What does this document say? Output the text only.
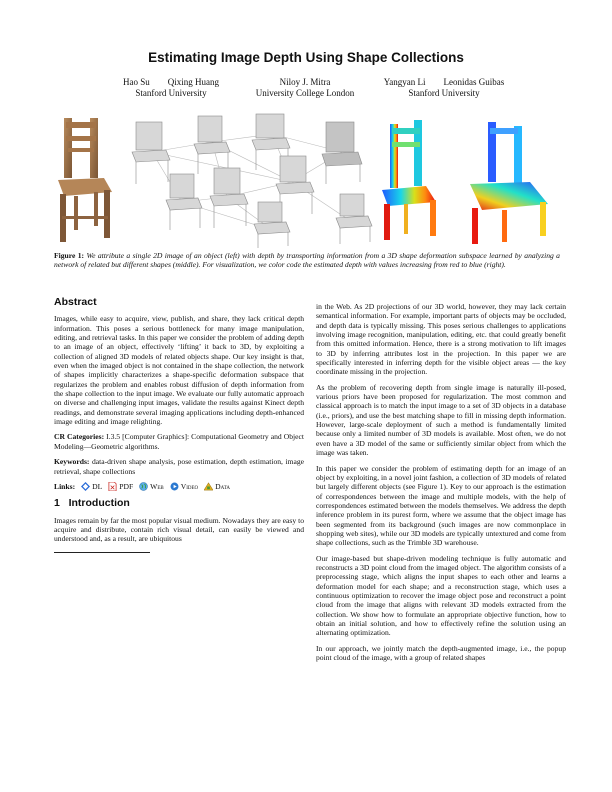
Estimating Image Depth Using Shape Collections
Hao Su        Qixing Huang
Stanford University
Niloy J. Mitra
University College London
Yangyan Li        Leonidas Guibas
Stanford University
Figure 1: We attribute a single 2D image of an object (left) with depth by transporting information from a 3D shape deformation subspace learned by analyzing a network of related but different shapes (middle). For visualization, we color code the estimated depth with values increasing from red to blue (right).
Abstract

Images, while easy to acquire, view, publish, and share, they lack critical depth information. This poses a serious bottleneck for many image manipulation, editing, and retrieval tasks. In this paper we consider the problem of adding depth to an image of an object, effectively ‘lifting’ it back to 3D, by exploiting a collection of aligned 3D models of related objects shape. Our key insight is that, even when the imaged object is not contained in the shape collection, the network of shapes implicitly characterizes a shape-specific deformation subspace that regularizes the problem and enables robust diffusion of depth information from the shape collection to the input image. We evaluate our fully automatic approach on diverse and challenging input images, validate the results against Kinect depth readings, and demonstrate several imaging applications including depth-enhanced image editing and image relighting.

CR Categories: I.3.5 [Computer Graphics]: Computational Geometry and Object Modeling—Geometric algorithms.

Keywords: data-driven shape analysis, pose estimation, depth estimation, image retrieval, shape collections

Links: DL PDF Web Video Data
1   Introduction

Images remain by far the most popular visual medium. Nowadays they are easy to acquire and distribute, contain rich visual detail, can easily be viewed and understood and, as a result, are ubiquitous

in the Web. As 2D projections of our 3D world, however, they may lack certain semantical information. For example, important parts of objects may be occluded, and depth data is typically missing. This poses serious challenges to applications involving image recognition, manipulation, editing, etc. that could greatly benefit from this omitted information. Hence, there is a strong motivation to lift images to 3D by inferring attributes lost in the projection. In this paper we are specifically interested in inferring depth for the visible object areas — the key coordinate missing in the projection.

As the problem of recovering depth from single image is naturally ill-posed, various priors have been proposed for regularization. The most common and classical approach is to match the input image to a set of 3D objects in a database (i.e., priors), and use the best matching shape to fill in missing depth information. However, large-scale deployment of such a method is fundamentally limited because only a limited number of 3D models is available. Most often, we do not even have a 3D model of the same or sufficiently similar object from which the image was taken.

In this paper we consider the problem of estimating depth for an image of an object by exploiting, in a novel joint fashion, a collection of 3D models of related but largely different objects (see Figure 1). Key to our approach is the estimation of correspondences between the image and multiple models, with the help of correspondences estimated between the models themselves. We address the depth inference problem in its purest form, where we assume that the object image has been segmented from its background (such images are now commonplace in shopping web sites), while our 3D models are typically untextured and come from shape collections, such as the Trimble 3D warehouse.

Our image-based but shape-driven modeling technique is fully automatic and reconstructs a 3D point cloud from the imaged object. The algorithm consists of a preprocessing stage, which aligns the input shapes to each other and learns a deformation model for each shape; and a reconstruction stage, which uses a continuous optimization to recover the image object pose and reconstruct a point cloud from the image that aligns with relevant 3D models extracted from the collection. We show how to formulate an appropriate objective function, how to obtain an initial solution, and how to effectively refine the solution using an alternating optimization.

In our approach, we jointly match the depth-augmented image, i.e., the popup point cloud of the image, with a group of related shapes
